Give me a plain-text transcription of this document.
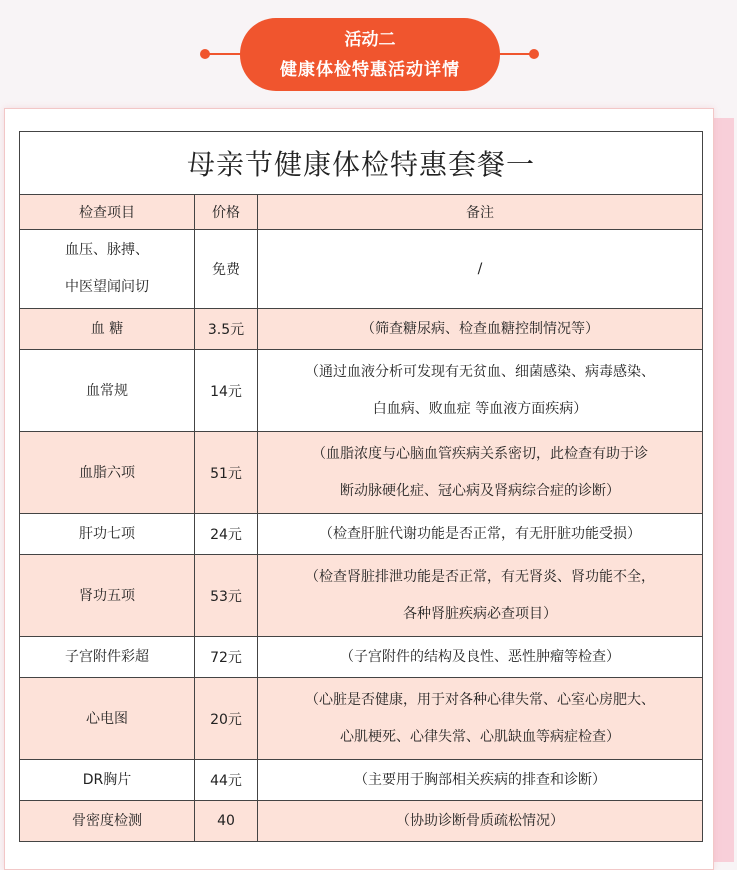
活动二
健康体检特惠活动详情
母亲节健康体检特惠套餐一		
检查项目	价格	备注
血压、脉搏、
中医望闻问切	免费	/
血 糖	3.5元	（筛查糖尿病、检查血糖控制情况等）
血常规	14元	（通过血液分析可发现有无贫血、细菌感染、病毒感染、
白血病、败血症 等血液方面疾病）
血脂六项	51元	（血脂浓度与心脑血管疾病关系密切，此检查有助于诊
断动脉硬化症、冠心病及肾病综合症的诊断）
肝功七项	24元	（检查肝脏代谢功能是否正常，有无肝脏功能受损）
肾功五项	53元	（检查肾脏排泄功能是否正常，有无肾炎、肾功能不全，
各种肾脏疾病必查项目）
子宫附件彩超	72元	（子宫附件的结构及良性、恶性肿瘤等检查）
心电图	20元	（心脏是否健康，用于对各种心律失常、心室心房肥大、
心肌梗死、心律失常、心肌缺血等病症检查）
DR胸片	44元	（主要用于胸部相关疾病的排查和诊断）
骨密度检测	40	（协助诊断骨质疏松情况）
